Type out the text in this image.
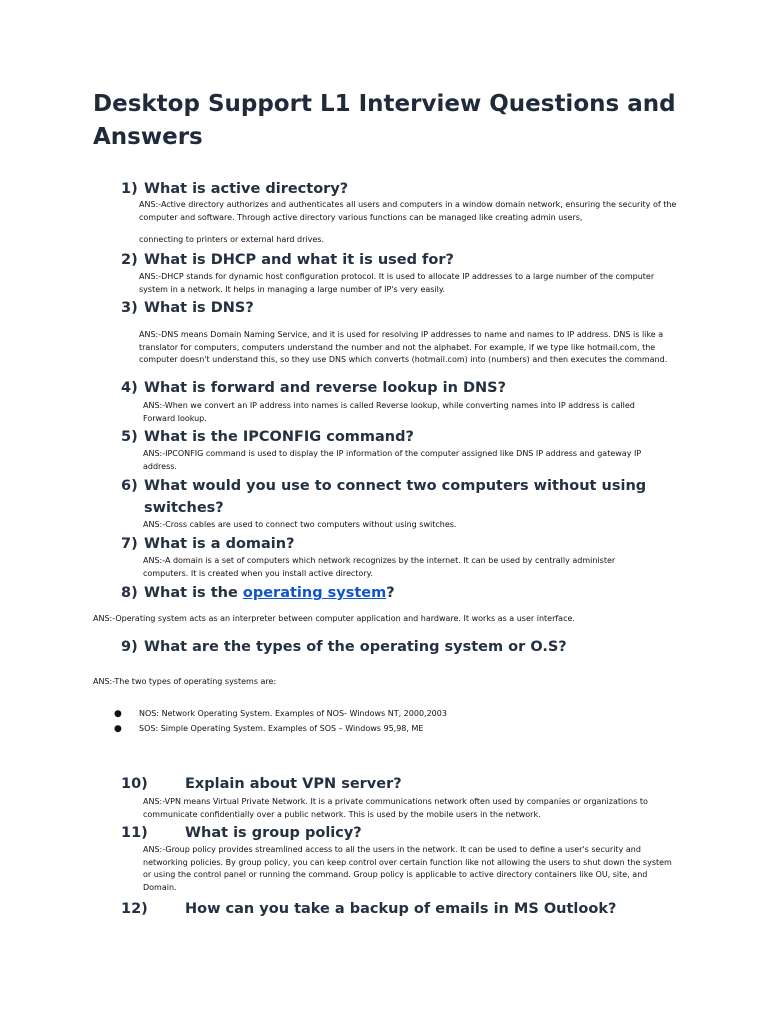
Desktop Support L1 Interview Questions and Answers
1) What is active directory?
ANS:-Active directory authorizes and authenticates all users and computers in a window domain network, ensuring the security of the computer and software. Through active directory various functions can be managed like creating admin users,
connecting to printers or external hard drives.
2) What is DHCP and what it is used for?
ANS:-DHCP stands for dynamic host configuration protocol. It is used to allocate IP addresses to a large number of the computer system in a network. It helps in managing a large number of IP's very easily.
3) What is DNS?
ANS:-DNS means Domain Naming Service, and it is used for resolving IP addresses to name and names to IP address. DNS is like a translator for computers, computers understand the number and not the alphabet. For example, if we type like hotmail.com, the computer doesn't understand this, so they use DNS which converts (hotmail.com) into (numbers) and then executes the command.
4) What is forward and reverse lookup in DNS?
ANS:-When we convert an IP address into names is called Reverse lookup, while converting names into IP address is called Forward lookup.
5) What is the IPCONFIG command?
ANS:-IPCONFIG command is used to display the IP information of the computer assigned like DNS IP address and gateway IP address.
6) What would you use to connect two computers without using
switches?
ANS:-Cross cables are used to connect two computers without using switches.
7) What is a domain?
ANS:-A domain is a set of computers which network recognizes by the internet. It can be used by centrally administer computers. It is created when you install active directory.
8) What is the operating system?
ANS:-Operating system acts as an interpreter between computer application and hardware. It works as a user interface.
9) What are the types of the operating system or O.S?
ANS:-The two types of operating systems are:
● NOS: Network Operating System. Examples of NOS- Windows NT, 2000,2003
● SOS: Simple Operating System. Examples of SOS – Windows 95,98, ME
10)	Explain about VPN server?
ANS:-VPN means Virtual Private Network. It is a private communications network often used by companies or organizations to communicate confidentially over a public network. This is used by the mobile users in the network.
11)	What is group policy?
ANS:-Group policy provides streamlined access to all the users in the network. It can be used to define a user's security and networking policies. By group policy, you can keep control over certain function like not allowing the users to shut down the system or using the control panel or running the command. Group policy is applicable to active directory containers like OU, site, and Domain.
12)	How can you take a backup of emails in MS Outlook?
